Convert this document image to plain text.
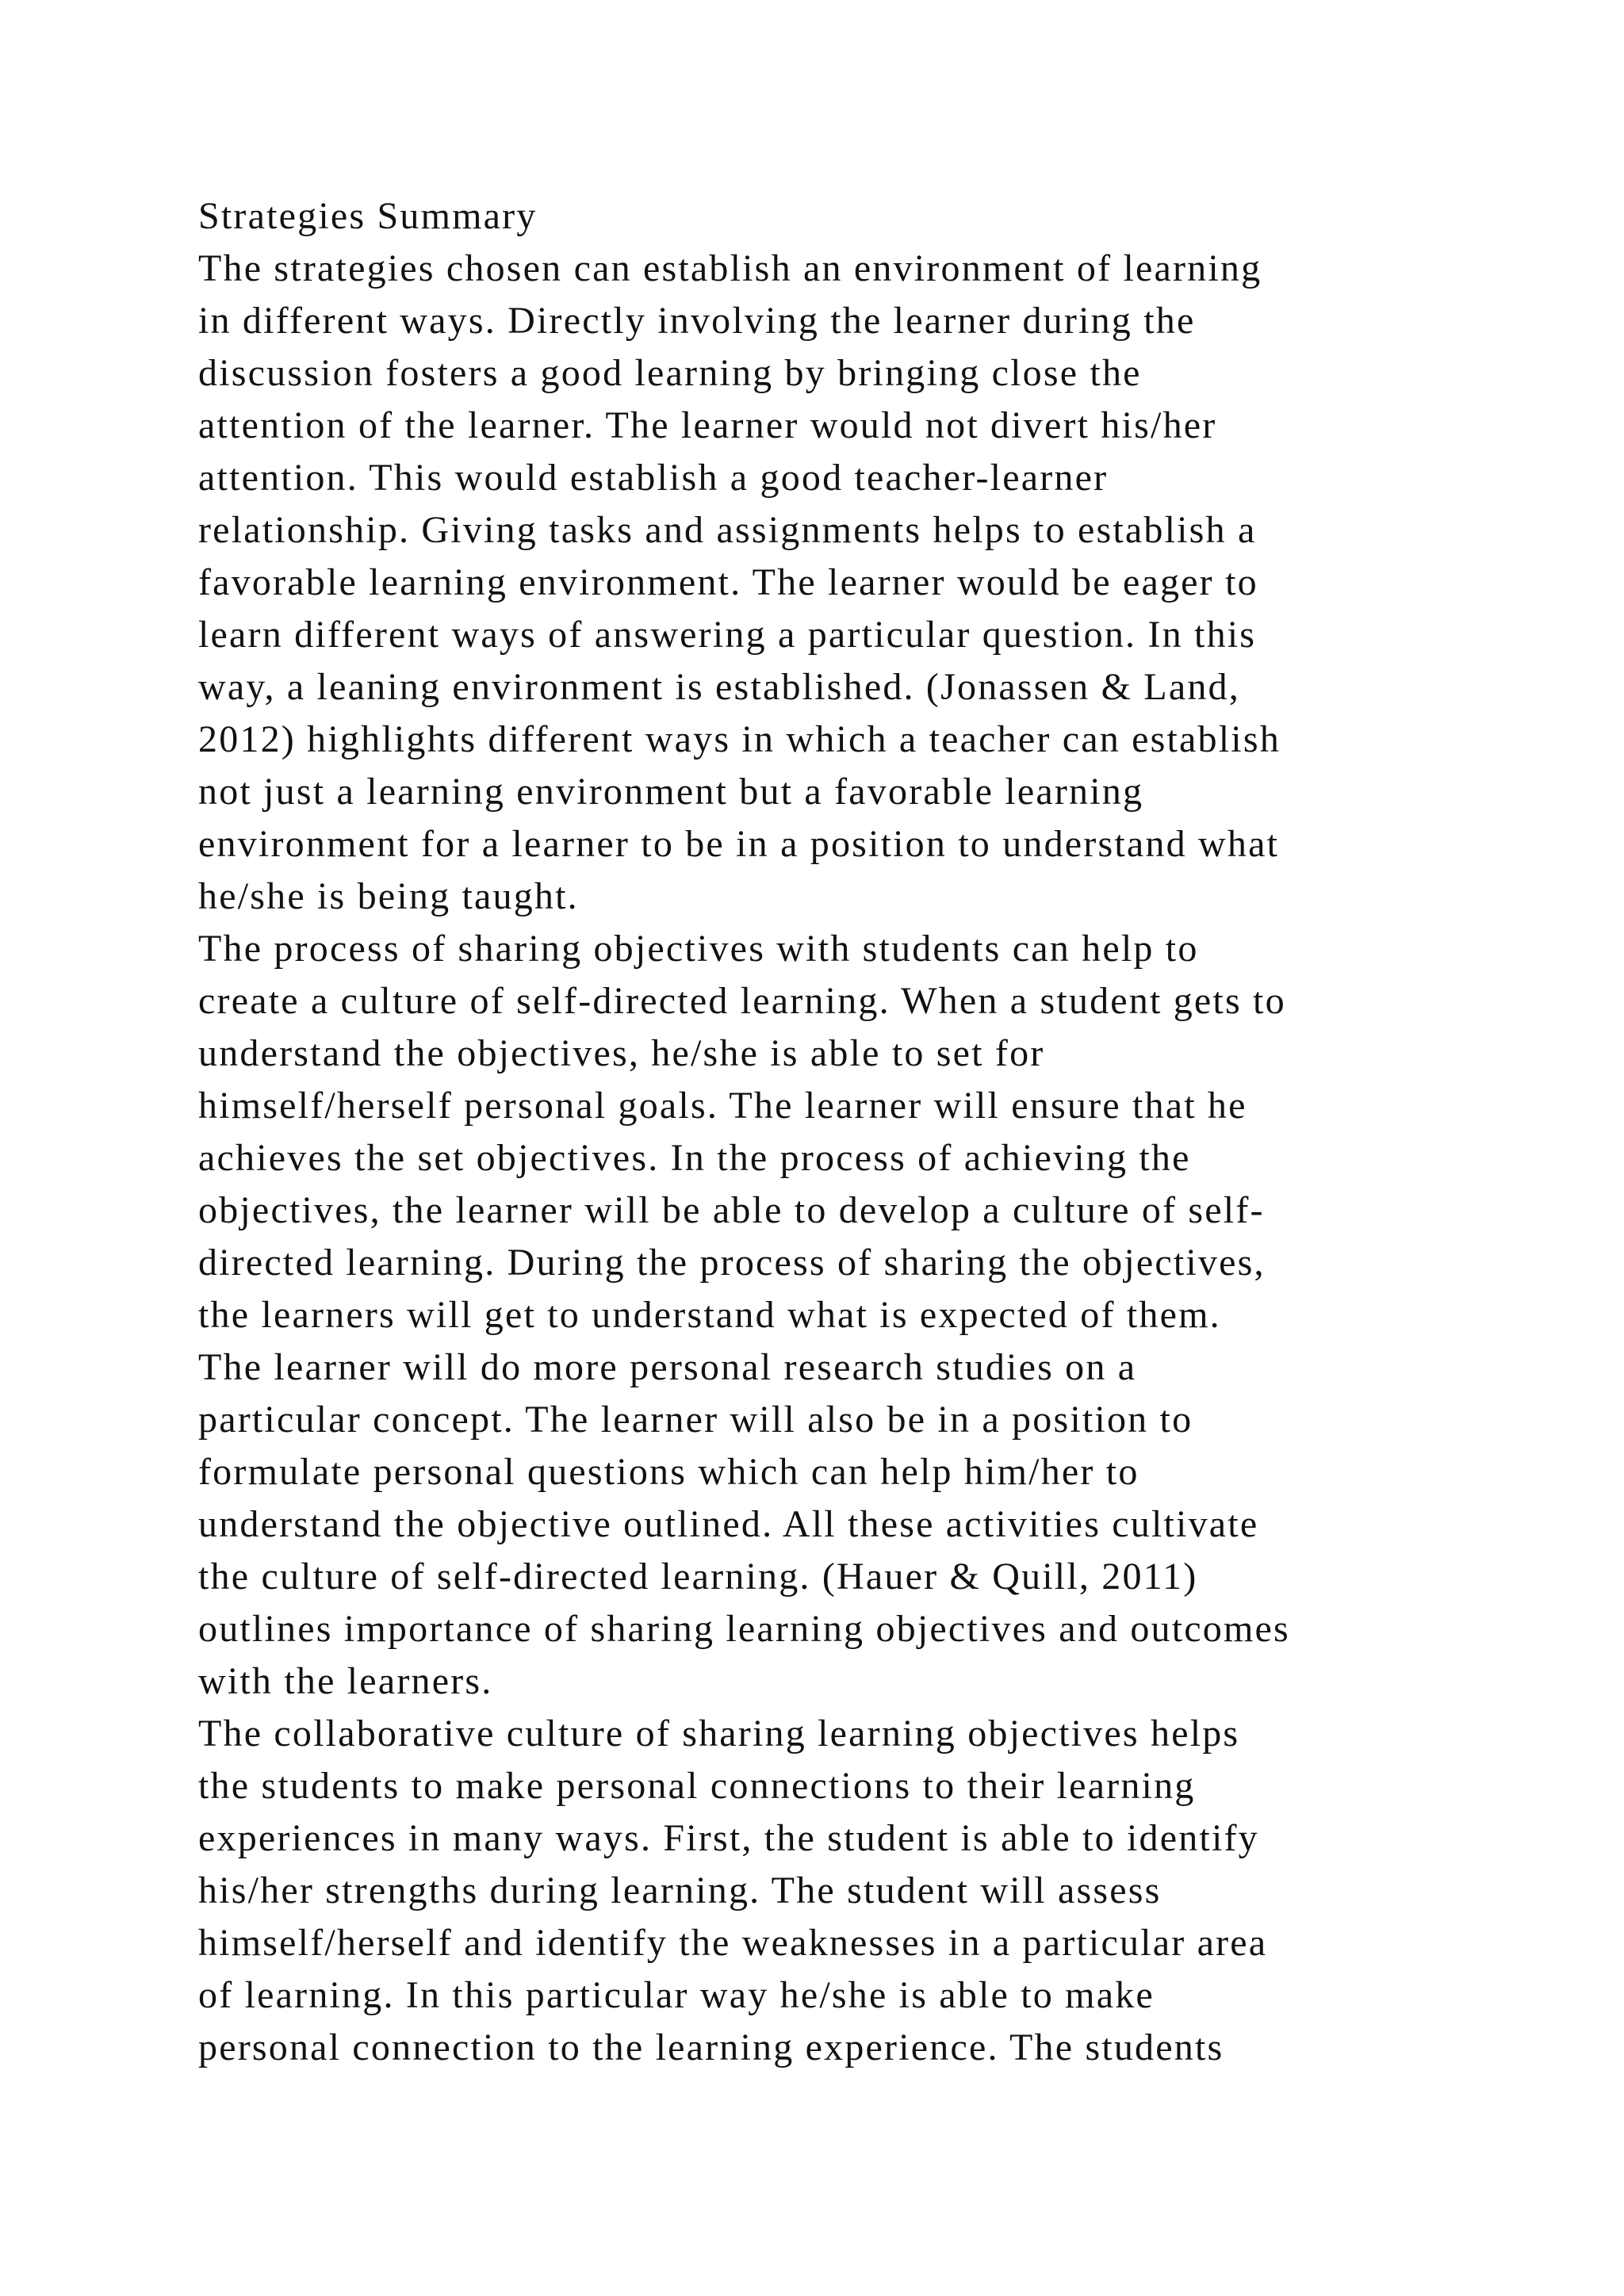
Strategies Summary
The strategies chosen can establish an environment of learning
in different ways. Directly involving the learner during the
discussion fosters a good learning by bringing close the
attention of the learner. The learner would not divert his/her
attention. This would establish a good teacher-learner
relationship. Giving tasks and assignments helps to establish a
favorable learning environment. The learner would be eager to
learn different ways of answering a particular question. In this
way, a leaning environment is established. (Jonassen & Land,
2012) highlights different ways in which a teacher can establish
not just a learning environment but a favorable learning
environment for a learner to be in a position to understand what
he/she is being taught.
The process of sharing objectives with students can help to
create a culture of self-directed learning. When a student gets to
understand the objectives, he/she is able to set for
himself/herself personal goals. The learner will ensure that he
achieves the set objectives. In the process of achieving the
objectives, the learner will be able to develop a culture of self-
directed learning. During the process of sharing the objectives,
the learners will get to understand what is expected of them.
The learner will do more personal research studies on a
particular concept. The learner will also be in a position to
formulate personal questions which can help him/her to
understand the objective outlined. All these activities cultivate
the culture of self-directed learning. (Hauer & Quill, 2011)
outlines importance of sharing learning objectives and outcomes
with the learners.
The collaborative culture of sharing learning objectives helps
the students to make personal connections to their learning
experiences in many ways. First, the student is able to identify
his/her strengths during learning. The student will assess
himself/herself and identify the weaknesses in a particular area
of learning. In this particular way he/she is able to make
personal connection to the learning experience. The students
